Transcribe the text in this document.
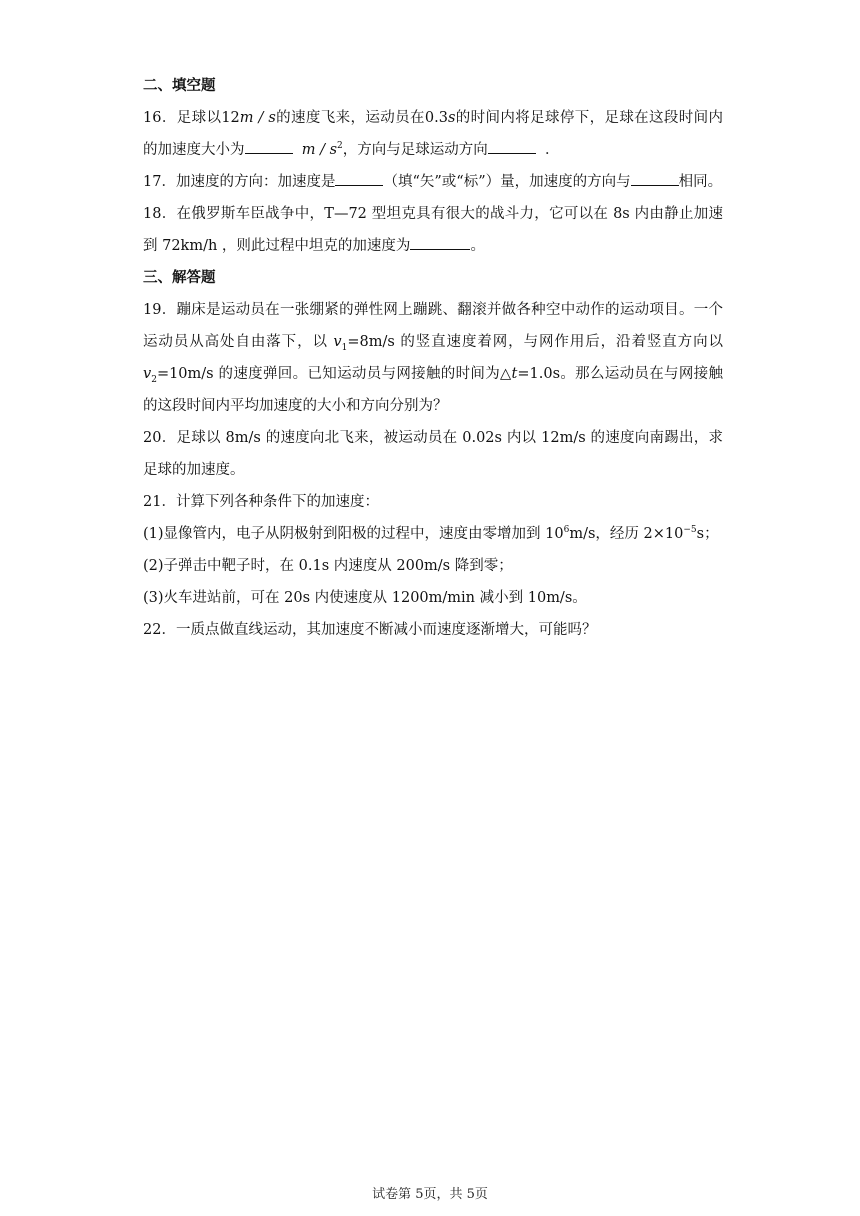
二、填空题

16．足球以12m / s的速度飞来，运动员在0.3s的时间内将足球停下，足球在这段时间内的加速度大小为	m / $s^2$，方向与足球运动方向	．

17．加速度的方向：加速度是	（填“矢”或“标”）量，加速度的方向与	相同。

18．在俄罗斯车臣战争中，T—72 型坦克具有很大的战斗力，它可以在 8s 内由静止加速到 72km/h ，则此过程中坦克的加速度为	。

三、解答题

19．蹦床是运动员在一张绷紧的弹性网上蹦跳、翻滚并做各种空中动作的运动项目。一个运动员从高处自由落下，以 $v_1=8m/s$ 的竖直速度着网，与网作用后，沿着竖直方向以 $v_2=10m/s$ 的速度弹回。已知运动员与网接触的时间为△t=1.0s。那么运动员在与网接触的这段时间内平均加速度的大小和方向分别为？

20．足球以 8m/s 的速度向北飞来，被运动员在 0.02s 内以 12m/s 的速度向南踢出，求足球的加速度。

21．计算下列各种条件下的加速度：

(1)显像管内，电子从阴极射到阳极的过程中，速度由零增加到 $10^6m/s$，经历 $2\times 10^{-5}s$；

(2)子弹击中靶子时，在 0.1s 内速度从 200m/s 降到零；

(3)火车进站前，可在 20s 内使速度从 1200m/min 减小到 10m/s。

22．一质点做直线运动，其加速度不断减小而速度逐渐增大，可能吗？

试卷第 5页，共 5页
